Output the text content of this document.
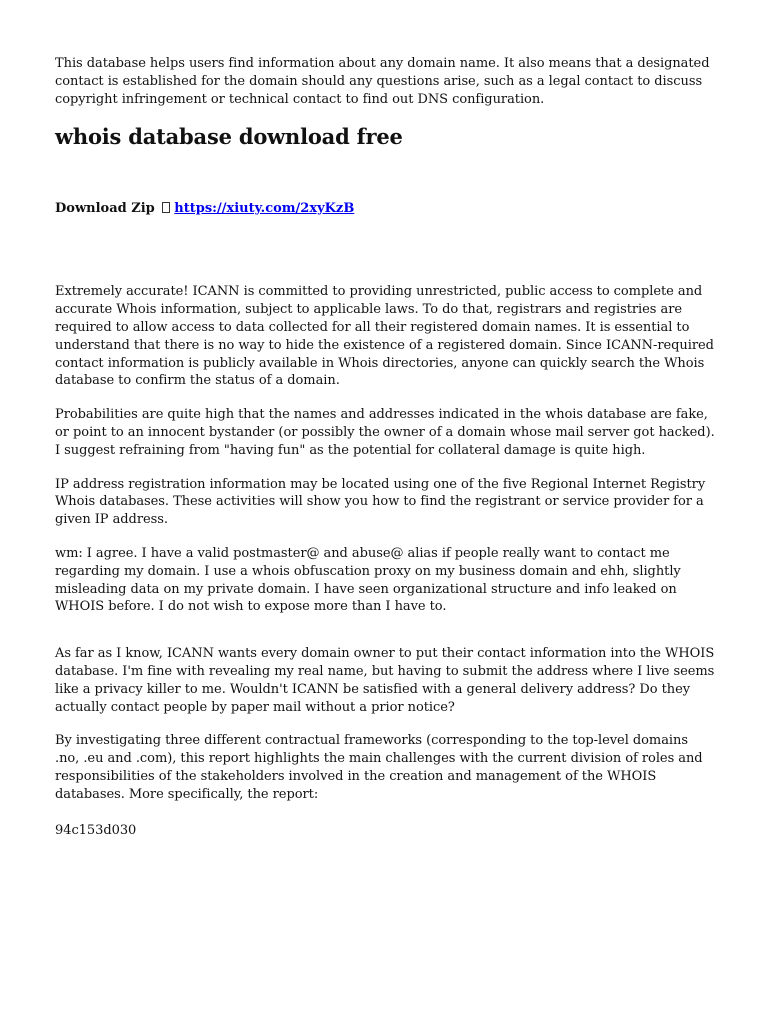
This database helps users find information about any domain name. It also means that a designated contact is established for the domain should any questions arise, such as a legal contact to discuss copyright infringement or technical contact to find out DNS configuration.

whois database download free
Download Zip https://xiuty.com/2xyKzB

Extremely accurate! ICANN is committed to providing unrestricted, public access to complete and accurate Whois information, subject to applicable laws. To do that, registrars and registries are required to allow access to data collected for all their registered domain names. It is essential to understand that there is no way to hide the existence of a registered domain. Since ICANN-required contact information is publicly available in Whois directories, anyone can quickly search the Whois database to confirm the status of a domain.

Probabilities are quite high that the names and addresses indicated in the whois database are fake, or point to an innocent bystander (or possibly the owner of a domain whose mail server got hacked). I suggest refraining from "having fun" as the potential for collateral damage is quite high.

IP address registration information may be located using one of the five Regional Internet Registry Whois databases. These activities will show you how to find the registrant or service provider for a given IP address.

wm: I agree. I have a valid postmaster@ and abuse@ alias if people really want to contact me regarding my domain. I use a whois obfuscation proxy on my business domain and ehh, slightly misleading data on my private domain. I have seen organizational structure and info leaked on WHOIS before. I do not wish to expose more than I have to.

As far as I know, ICANN wants every domain owner to put their contact information into the WHOIS database. I'm fine with revealing my real name, but having to submit the address where I live seems like a privacy killer to me. Wouldn't ICANN be satisfied with a general delivery address? Do they actually contact people by paper mail without a prior notice?

By investigating three different contractual frameworks (corresponding to the top-level domains .no, .eu and .com), this report highlights the main challenges with the current division of roles and responsibilities of the stakeholders involved in the creation and management of the WHOIS databases. More specifically, the report:

94c153d030
